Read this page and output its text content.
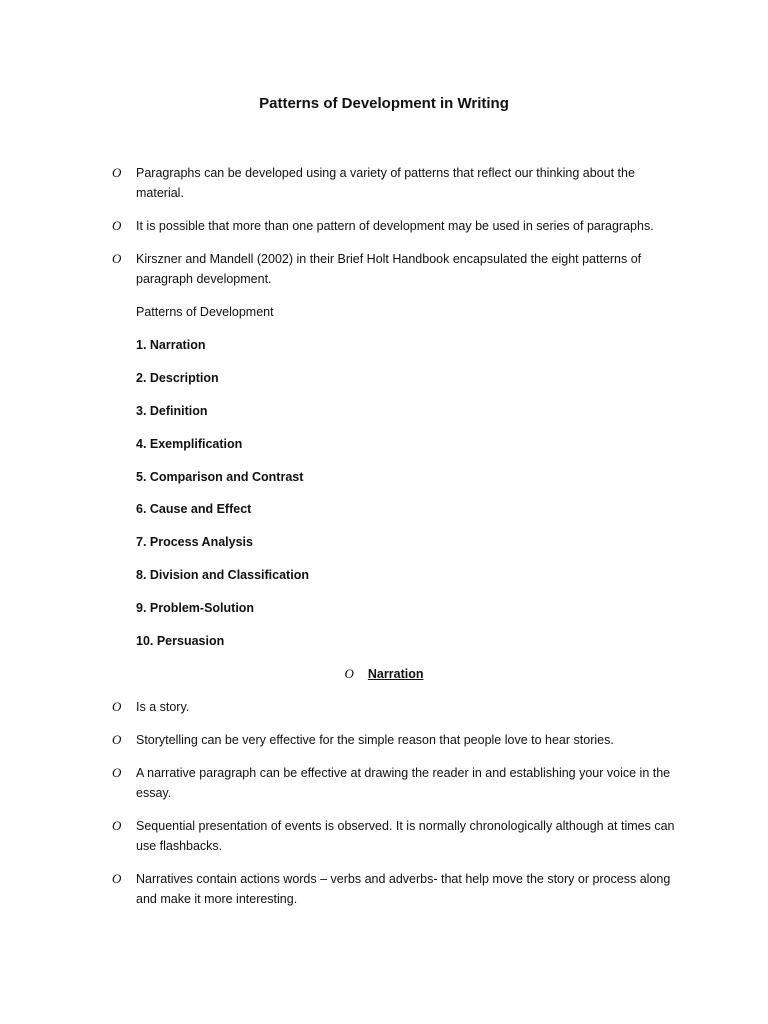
Patterns of Development in Writing
O Paragraphs can be developed using a variety of patterns that reflect our thinking about the material.
O It is possible that more than one pattern of development may be used in series of paragraphs.
O Kirszner and Mandell (2002) in their Brief Holt Handbook encapsulated the eight patterns of paragraph development.
Patterns of Development
1. Narration
2. Description
3. Definition
4. Exemplification
5. Comparison and Contrast
6. Cause and Effect
7. Process Analysis
8. Division and Classification
9. Problem-Solution
10. Persuasion
O Narration
O Is a story.
O Storytelling can be very effective for the simple reason that people love to hear stories.
O A narrative paragraph can be effective at drawing the reader in and establishing your voice in the essay.
O Sequential presentation of events is observed. It is normally chronologically although at times can use flashbacks.
O Narratives contain actions words – verbs and adverbs- that help move the story or process along and make it more interesting.
